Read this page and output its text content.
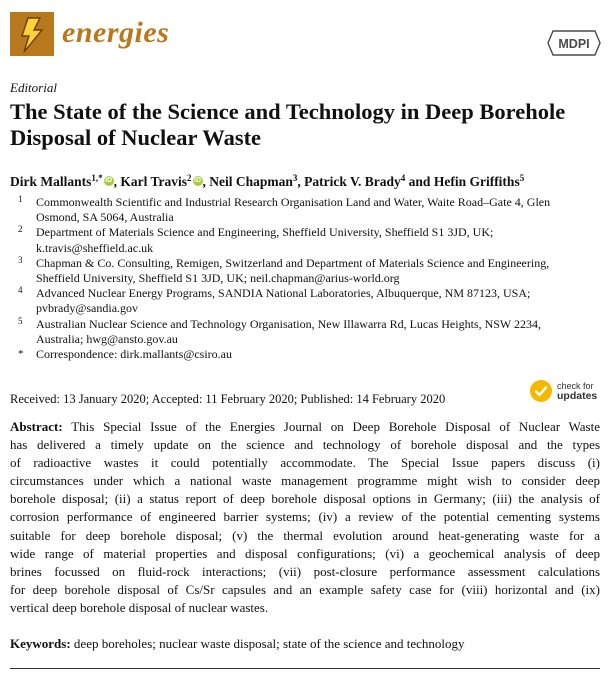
energies	MDPI
Editorial
The State of the Science and Technology in Deep Borehole Disposal of Nuclear Waste
Dirk Mallants$^{1,*}$ iD , Karl Travis$^2$ iD , Neil Chapman$^3$, Patrick V. Brady$^4$ and Hefin Griffiths$^5$
1 Commonwealth Scientific and Industrial Research Organisation Land and Water, Waite Road–Gate 4, Glen
Osmond, SA 5064, Australia
2 Department of Materials Science and Engineering, Sheffield University, Sheffield S1 3JD, UK;
k.travis@sheffield.ac.uk
3 Chapman & Co. Consulting, Remigen, Switzerland and Department of Materials Science and Engineering,
Sheffield University, Sheffield S1 3JD, UK; neil.chapman@arius-world.org
4 Advanced Nuclear Energy Programs, SANDIA National Laboratories, Albuquerque, NM 87123, USA;
pvbrady@sandia.gov
5 Australian Nuclear Science and Technology Organisation, New Illawarra Rd, Lucas Heights, NSW 2234,
Australia; hwg@ansto.gov.au
* Correspondence: dirk.mallants@csiro.au
Received: 13 January 2020; Accepted: 11 February 2020; Published: 14 February 2020
check for
updates
Abstract: This Special Issue of the Energies Journal on Deep Borehole Disposal of Nuclear Waste
has delivered a timely update on the science and technology of borehole disposal and the types
of radioactive wastes it could potentially accommodate. The Special Issue papers discuss (i)
circumstances under which a national waste management programme might wish to consider deep
borehole disposal; (ii) a status report of deep borehole disposal options in Germany; (iii) the analysis of
corrosion performance of engineered barrier systems; (iv) a review of the potential cementing systems
suitable for deep borehole disposal; (v) the thermal evolution around heat-generating waste for a
wide range of material properties and disposal configurations; (vi) a geochemical analysis of deep
brines focussed on fluid-rock interactions; (vii) post-closure performance assessment calculations
for deep borehole disposal of Cs/Sr capsules and an example safety case for (viii) horizontal and (ix)
vertical deep borehole disposal of nuclear wastes.
Keywords: deep boreholes; nuclear waste disposal; state of the science and technology
